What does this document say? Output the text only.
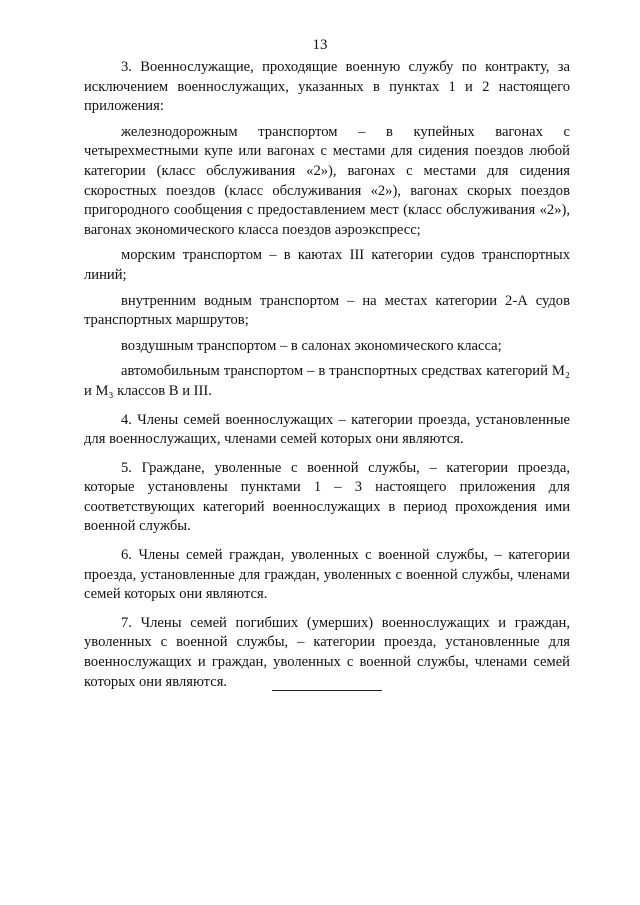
13

3. Военнослужащие, проходящие военную службу по контракту, за исключением военнослужащих, указанных в пунктах 1 и 2 настоящего приложения:

железнодорожным транспортом – в купейных вагонах с четырехместными купе или вагонах с местами для сидения поездов любой категории (класс обслуживания «2»), вагонах с местами для сидения скоростных поездов (класс обслуживания «2»), вагонах скорых поездов пригородного сообщения с предоставлением мест (класс обслуживания «2»), вагонах экономического класса поездов аэроэкспресс;

морским транспортом – в каютах III категории судов транспортных линий;

внутренним водным транспортом – на местах категории 2-А судов транспортных маршрутов;

воздушным транспортом – в салонах экономического класса;

автомобильным транспортом – в транспортных средствах категорий M₂ и M₃ классов B и III.

4. Члены семей военнослужащих – категории проезда, установленные для военнослужащих, членами семей которых они являются.

5. Граждане, уволенные с военной службы, – категории проезда, которые установлены пунктами 1 – 3 настоящего приложения для соответствующих категорий военнослужащих в период прохождения ими военной службы.

6. Члены семей граждан, уволенных с военной службы, – категории проезда, установленные для граждан, уволенных с военной службы, членами семей которых они являются.

7. Члены семей погибших (умерших) военнослужащих и граждан, уволенных с военной службы, – категории проезда, установленные для военнослужащих и граждан, уволенных с военной службы, членами семей которых они являются.
